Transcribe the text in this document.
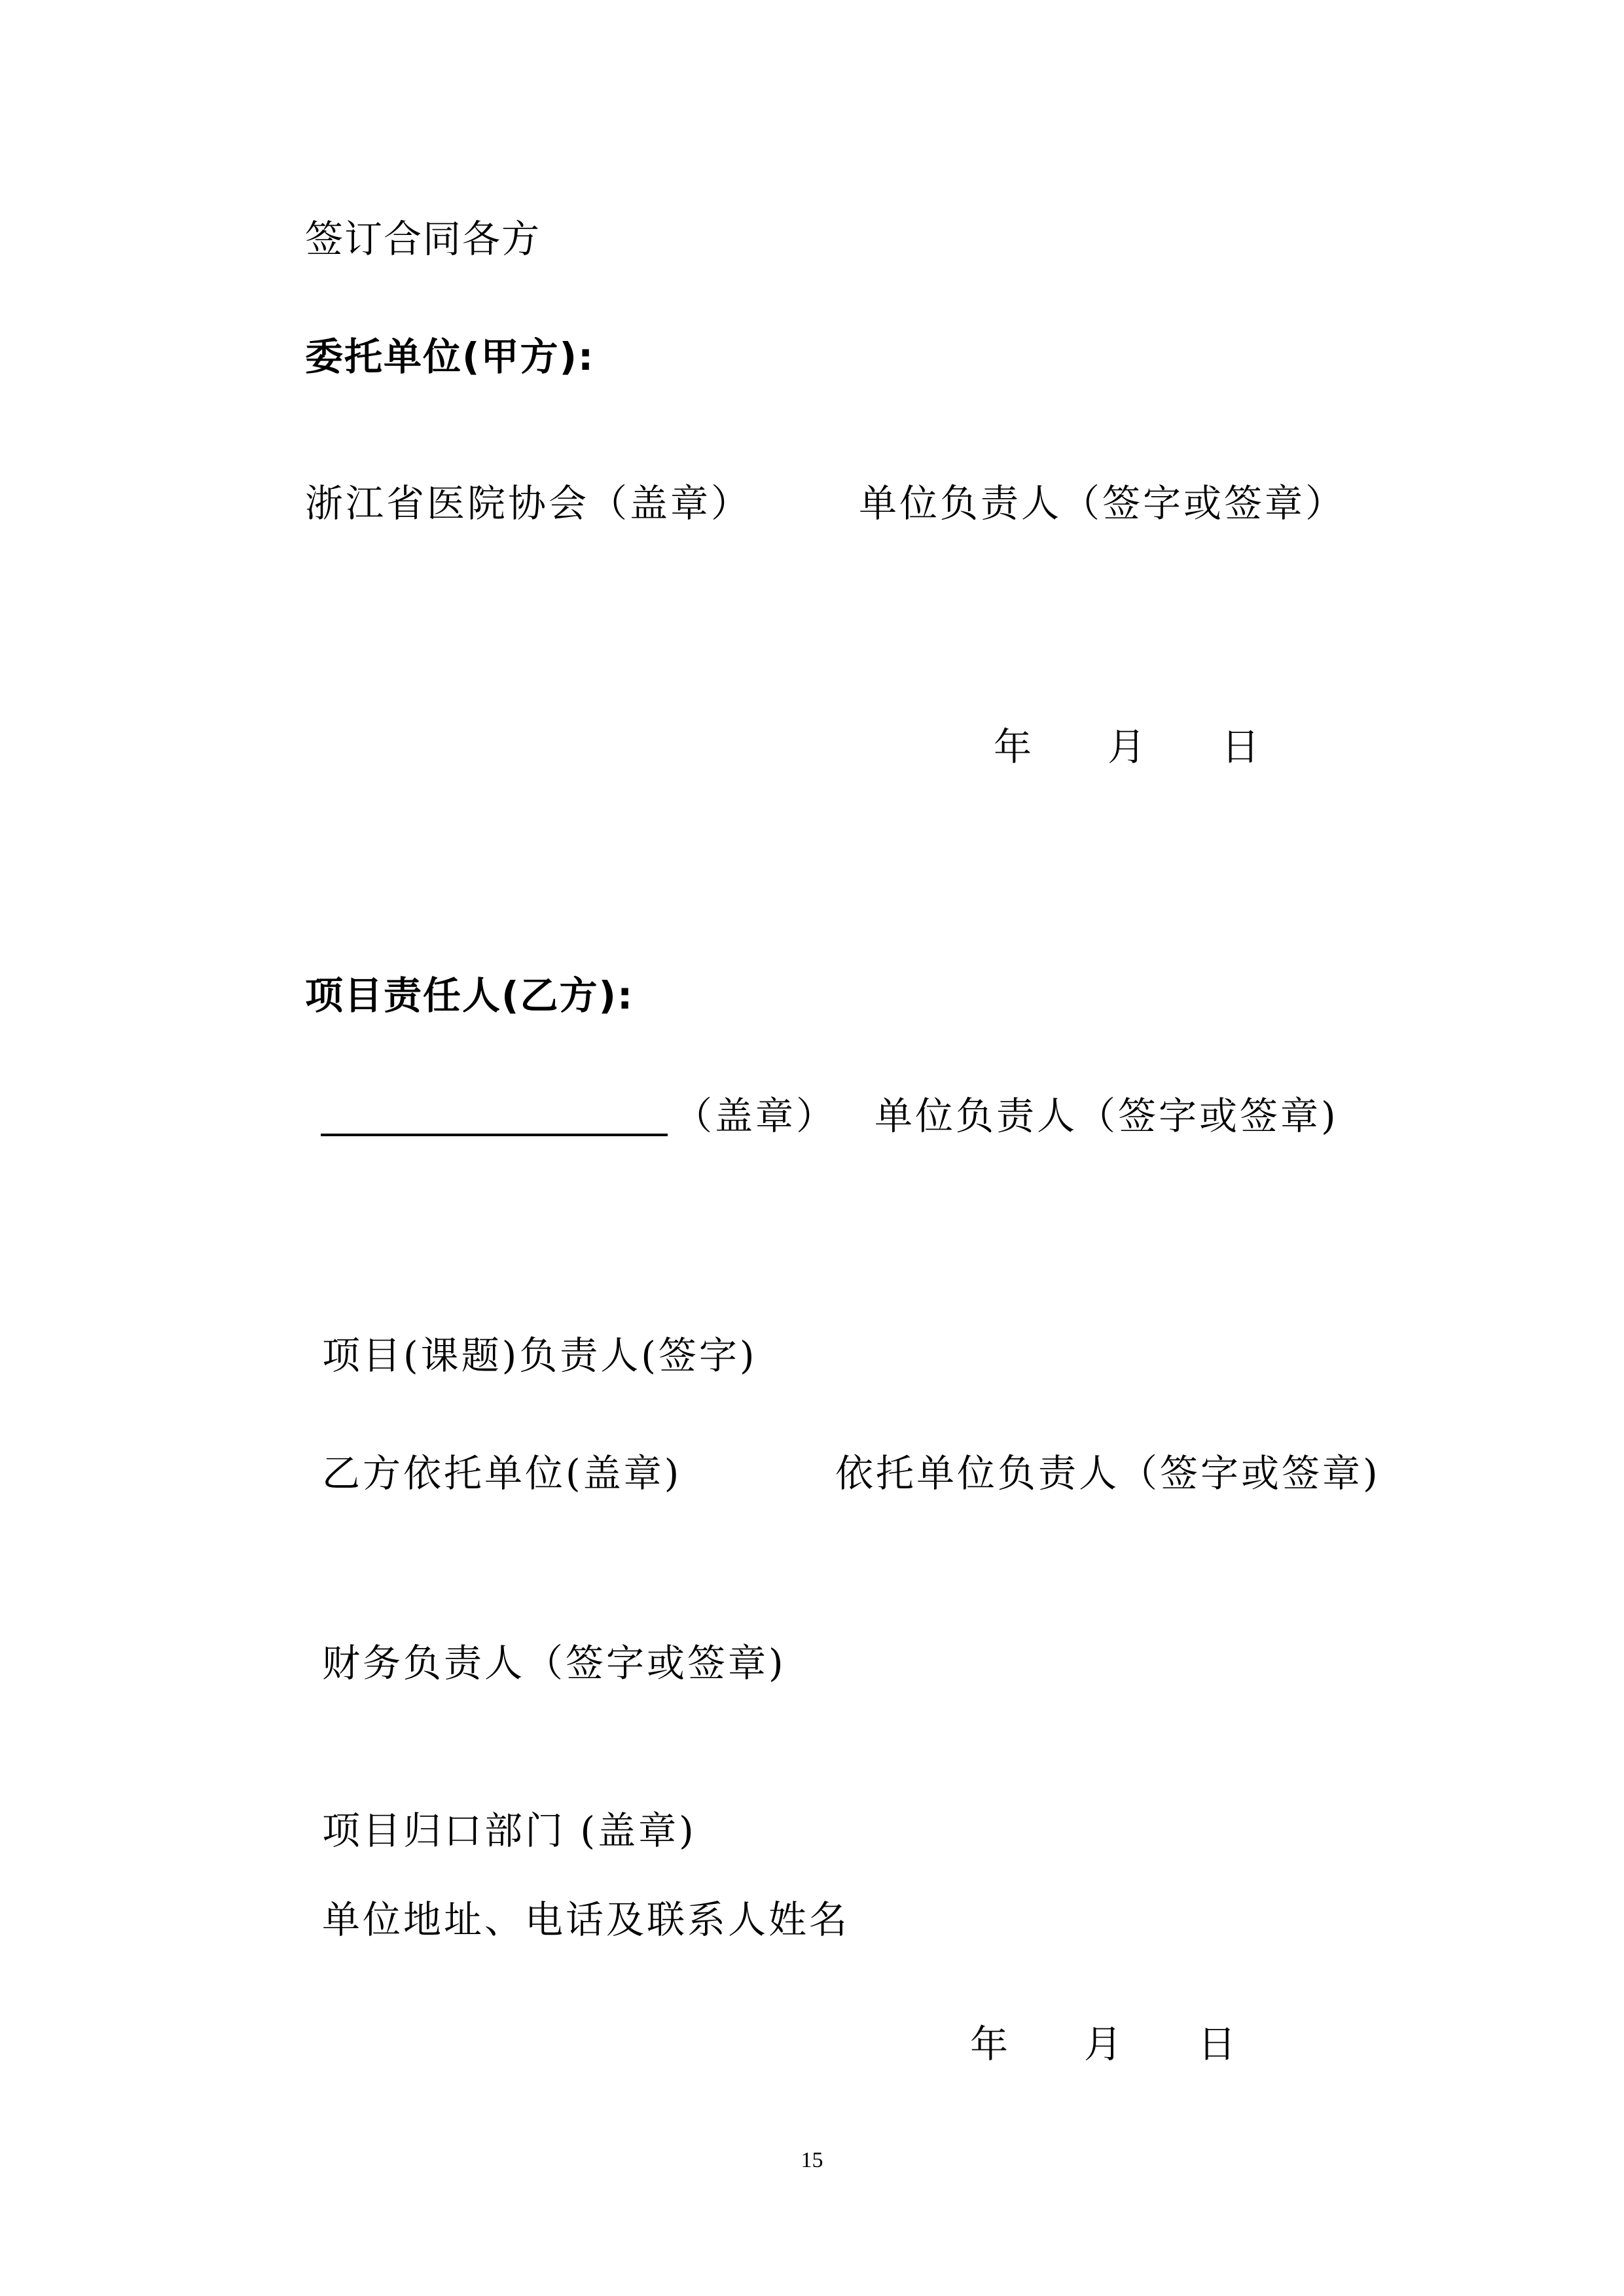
签订合同各方
委托单位(甲方):
浙江省医院协会（盖章）	单位负责人（签字或签章）
年 月 日
项目责任人(乙方):
（盖章） 单位负责人（签字或签章)
项目(课题)负责人(签字)
乙方依托单位(盖章)	依托单位负责人（签字或签章)
财务负责人（签字或签章)
项目归口部门 (盖章)
单位地址、电话及联系人姓名
年 月 日
15
